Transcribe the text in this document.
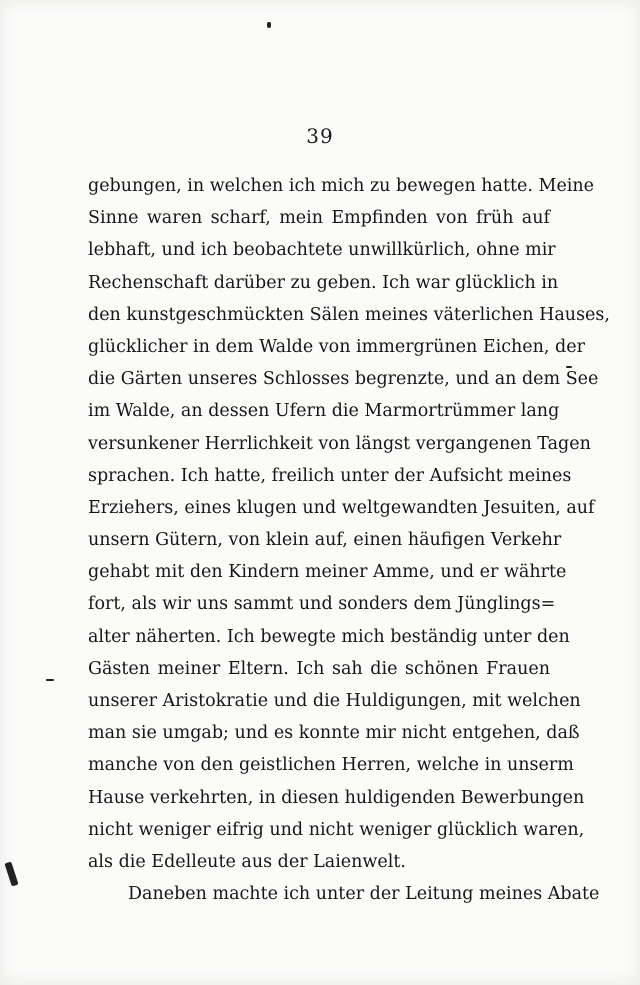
39
gebungen, in welchen ich mich zu bewegen hatte. Meine
Sinne waren scharf, mein Empfinden von früh auf
lebhaft, und ich beobachtete unwillkürlich, ohne mir
Rechenschaft darüber zu geben. Ich war glücklich in
den kunstgeschmückten Sälen meines väterlichen Hauses,
glücklicher in dem Walde von immergrünen Eichen, der
die Gärten unseres Schlosses begrenzte, und an dem See
im Walde, an dessen Ufern die Marmortrümmer lang
versunkener Herrlichkeit von längst vergangenen Tagen
sprachen. Ich hatte, freilich unter der Aufsicht meines
Erziehers, eines klugen und weltgewandten Jesuiten, auf
unsern Gütern, von klein auf, einen häufigen Verkehr
gehabt mit den Kindern meiner Amme, und er währte
fort, als wir uns sammt und sonders dem Jünglings=
alter näherten. Ich bewegte mich beständig unter den
Gästen meiner Eltern. Ich sah die schönen Frauen
unserer Aristokratie und die Huldigungen, mit welchen
man sie umgab; und es konnte mir nicht entgehen, daß
manche von den geistlichen Herren, welche in unserm
Hause verkehrten, in diesen huldigenden Bewerbungen
nicht weniger eifrig und nicht weniger glücklich waren,
als die Edelleute aus der Laienwelt.
Daneben machte ich unter der Leitung meines Abate
